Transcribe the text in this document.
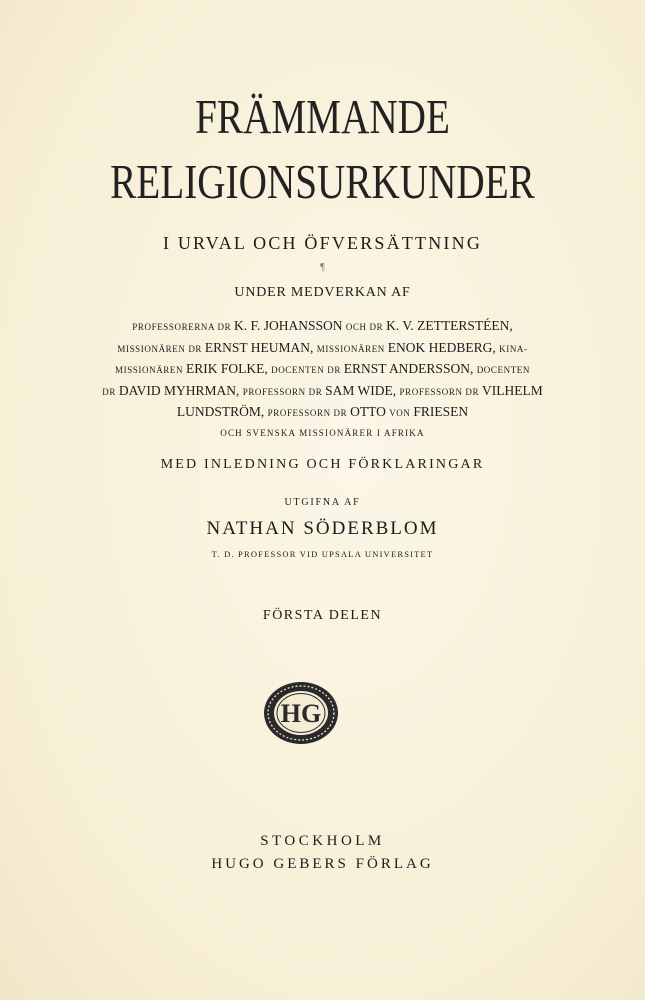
FRÄMMANDE
RELIGIONSURKUNDER
I URVAL OCH ÖFVERSÄTTNING
¶
UNDER MEDVERKAN AF
PROFESSORERNA DR K. F. JOHANSSON OCH DR K. V. ZETTERSTÉEN,
MISSIONÄREN DR ERNST HEUMAN, MISSIONÄREN ENOK HEDBERG, KINA-
MISSIONÄREN ERIK FOLKE, DOCENTEN DR ERNST ANDERSSON, DOCENTEN
DR DAVID MYHRMAN, PROFESSORN DR SAM WIDE, PROFESSORN DR VILHELM
LUNDSTRÖM, PROFESSORN DR OTTO VON FRIESEN
OCH SVENSKA MISSIONÄRER I AFRIKA
MED INLEDNING OCH FÖRKLARINGAR
UTGIFNA AF
NATHAN SÖDERBLOM
T. D. PROFESSOR VID UPSALA UNIVERSITET
FÖRSTA DELEN
HG
STOCKHOLM
HUGO GEBERS FÖRLAG
